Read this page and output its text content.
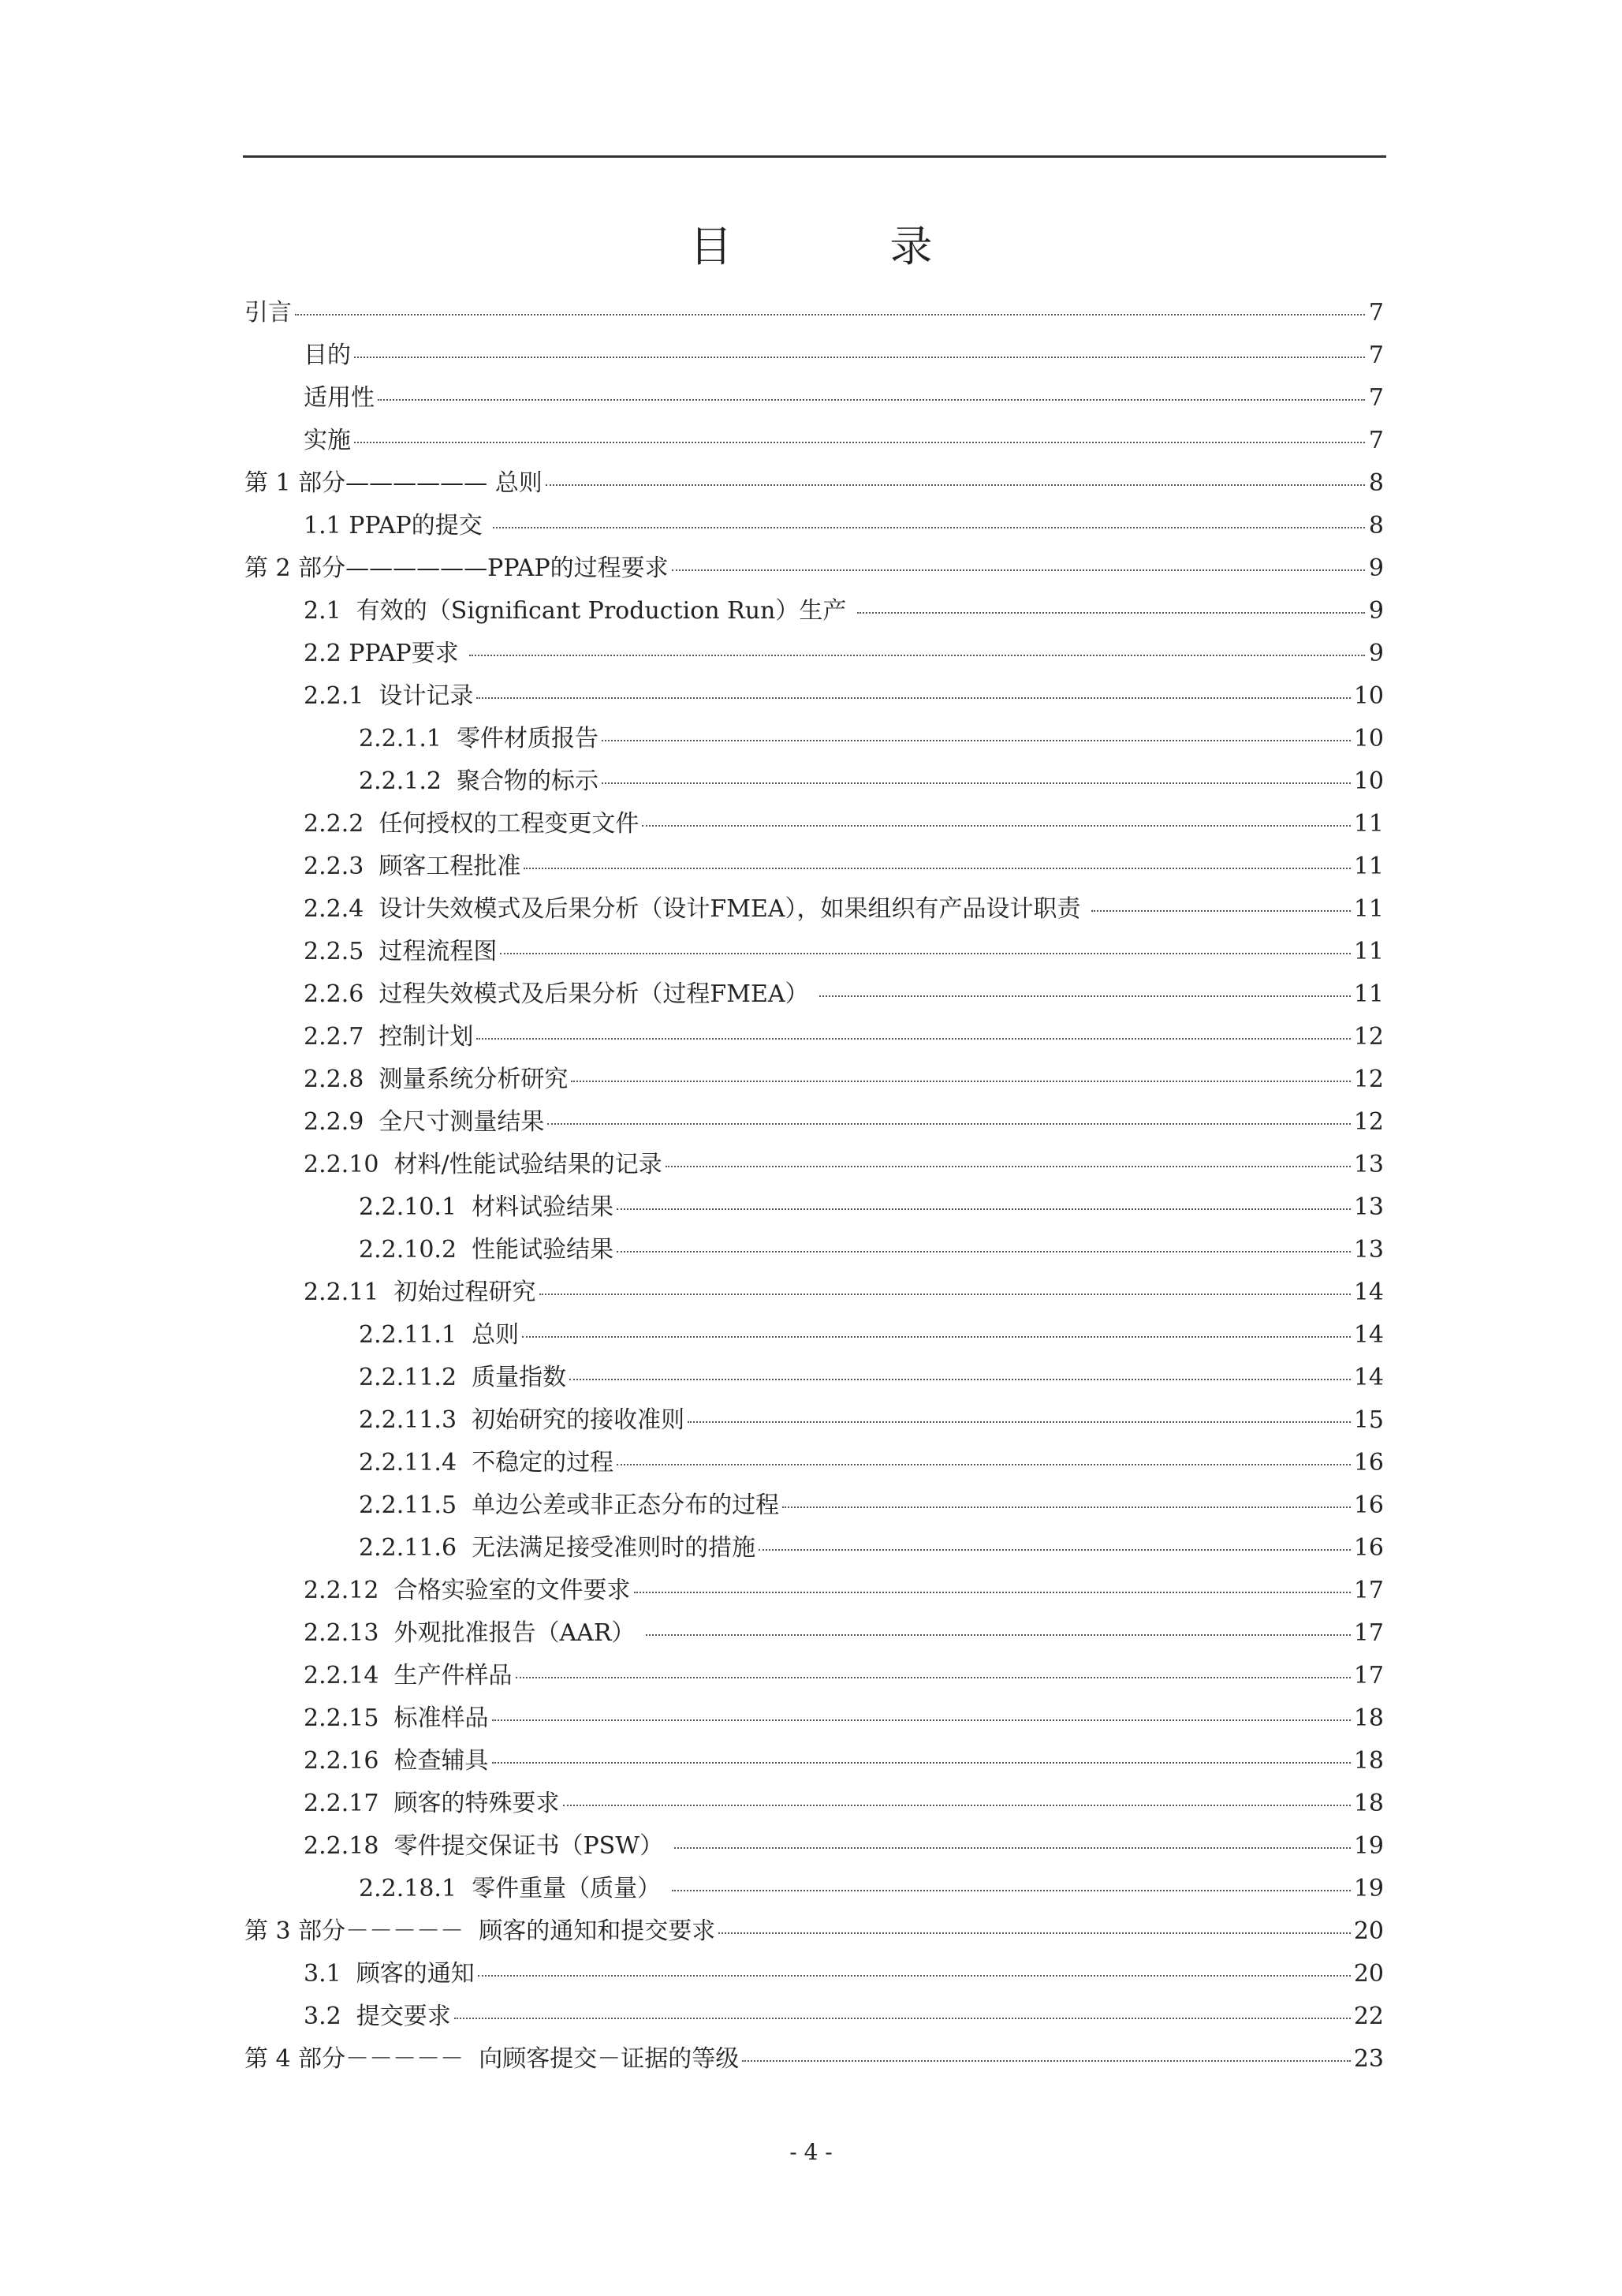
目	录
引言	7
目的	7
适用性	7
实施	7
第 1 部分—————— 总则	8
1.1 PPAP的提交	8
第 2 部分——————PPAP的过程要求	9
2.1  有效的（Significant Production Run）生产	9
2.2 PPAP要求	9
2.2.1  设计记录	10
2.2.1.1  零件材质报告	10
2.2.1.2  聚合物的标示	10
2.2.2  任何授权的工程变更文件	11
2.2.3  顾客工程批准	11
2.2.4  设计失效模式及后果分析（设计FMEA），如果组织有产品设计职责	11
2.2.5  过程流程图	11
2.2.6  过程失效模式及后果分析（过程FMEA）	11
2.2.7  控制计划	12
2.2.8  测量系统分析研究	12
2.2.9  全尺寸测量结果	12
2.2.10  材料/性能试验结果的记录	13
2.2.10.1  材料试验结果	13
2.2.10.2  性能试验结果	13
2.2.11  初始过程研究	14
2.2.11.1  总则	14
2.2.11.2  质量指数	14
2.2.11.3  初始研究的接收准则	15
2.2.11.4  不稳定的过程	16
2.2.11.5  单边公差或非正态分布的过程	16
2.2.11.6  无法满足接受准则时的措施	16
2.2.12  合格实验室的文件要求	17
2.2.13  外观批准报告（AAR）	17
2.2.14  生产件样品	17
2.2.15  标准样品	18
2.2.16  检查辅具	18
2.2.17  顾客的特殊要求	18
2.2.18  零件提交保证书（PSW）	19
2.2.18.1  零件重量（质量）	19
第 3 部分－－－－－  顾客的通知和提交要求	20
3.1  顾客的通知	20
3.2  提交要求	22
第 4 部分－－－－－  向顾客提交－证据的等级	23
- 4 -
